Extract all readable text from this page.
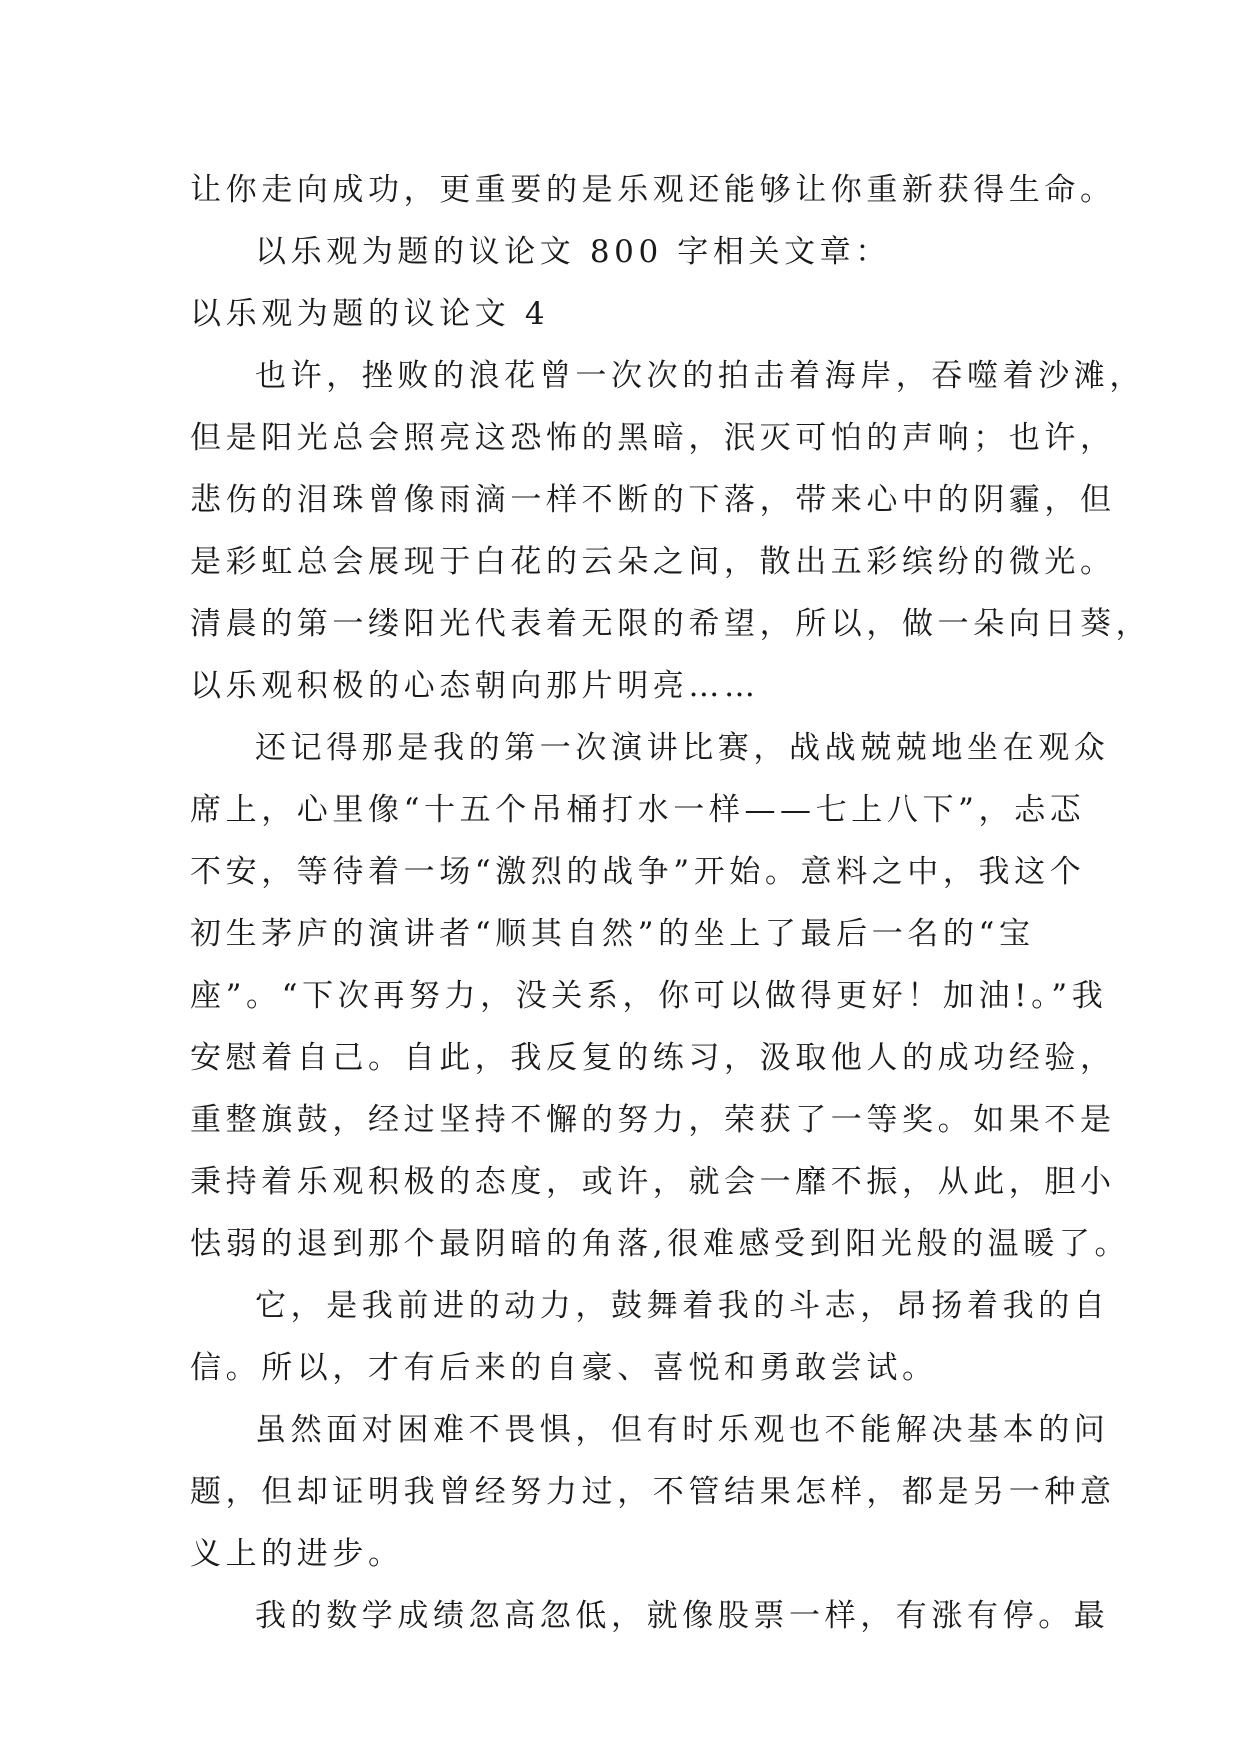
让你走向成功，更重要的是乐观还能够让你重新获得生命。
以乐观为题的议论文 800 字相关文章：
以乐观为题的议论文 4
也许，挫败的浪花曾一次次的拍击着海岸，吞噬着沙滩，
但是阳光总会照亮这恐怖的黑暗，泯灭可怕的声响；也许，
悲伤的泪珠曾像雨滴一样不断的下落，带来心中的阴霾，但
是彩虹总会展现于白花的云朵之间，散出五彩缤纷的微光。
清晨的第一缕阳光代表着无限的希望，所以，做一朵向日葵，
以乐观积极的心态朝向那片明亮……
还记得那是我的第一次演讲比赛，战战兢兢地坐在观众
席上，心里像“十五个吊桶打水一样——七上八下”，忐忑
不安，等待着一场“激烈的战争”开始。意料之中，我这个
初生茅庐的演讲者“顺其自然”的坐上了最后一名的“宝
座”。“下次再努力，没关系，你可以做得更好！加油!。”我
安慰着自己。自此，我反复的练习，汲取他人的成功经验，
重整旗鼓，经过坚持不懈的努力，荣获了一等奖。如果不是
秉持着乐观积极的态度，或许，就会一靡不振，从此，胆小
怯弱的退到那个最阴暗的角落,很难感受到阳光般的温暖了。
它，是我前进的动力，鼓舞着我的斗志，昂扬着我的自
信。所以，才有后来的自豪、喜悦和勇敢尝试。
虽然面对困难不畏惧，但有时乐观也不能解决基本的问
题，但却证明我曾经努力过，不管结果怎样，都是另一种意
义上的进步。
我的数学成绩忽高忽低，就像股票一样，有涨有停。最
